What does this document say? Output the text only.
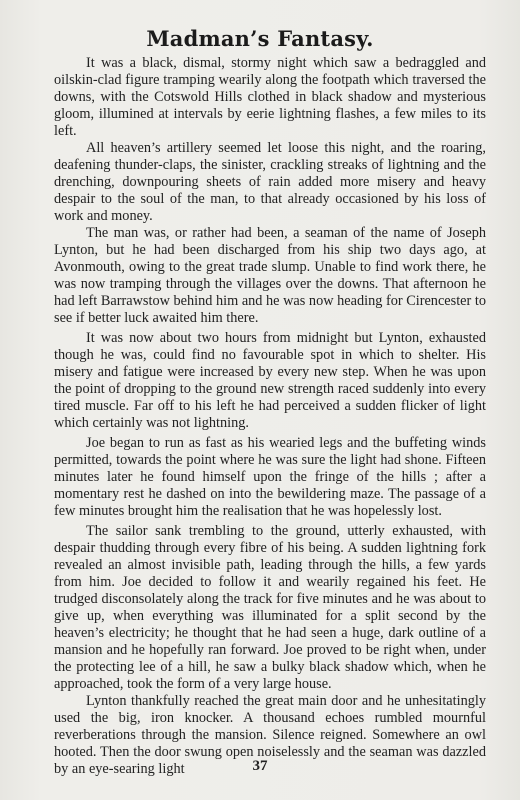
Madman’s Fantasy.

It was a black, dismal, stormy night which saw a bedraggled and oilskin-clad figure tramping wearily along the footpath which traversed the downs, with the Cotswold Hills clothed in black shadow and mysterious gloom, illumined at intervals by eerie lightning flashes, a few miles to its left.

All heaven’s artillery seemed let loose this night, and the roaring, deafening thunder-claps, the sinister, crackling streaks of lightning and the drenching, downpouring sheets of rain added more misery and heavy despair to the soul of the man, to that already occasioned by his loss of work and money.

The man was, or rather had been, a seaman of the name of Joseph Lynton, but he had been discharged from his ship two days ago, at Avonmouth, owing to the great trade slump. Unable to find work there, he was now tramping through the villages over the downs. That afternoon he had left Barrawstow behind him and he was now heading for Cirencester to see if better luck awaited him there.

It was now about two hours from midnight but Lynton, exhausted though he was, could find no favourable spot in which to shelter. His misery and fatigue were increased by every new step. When he was upon the point of dropping to the ground new strength raced suddenly into every tired muscle. Far off to his left he had perceived a sudden flicker of light which certainly was not lightning.

Joe began to run as fast as his wearied legs and the buffeting winds permitted, towards the point where he was sure the light had shone. Fifteen minutes later he found himself upon the fringe of the hills ; after a momentary rest he dashed on into the bewildering maze. The passage of a few minutes brought him the realisation that he was hopelessly lost.

The sailor sank trembling to the ground, utterly exhausted, with despair thudding through every fibre of his being. A sudden lightning fork revealed an almost invisible path, leading through the hills, a few yards from him. Joe decided to follow it and wearily regained his feet. He trudged disconsolately along the track for five minutes and he was about to give up, when everything was illuminated for a split second by the heaven’s electricity; he thought that he had seen a huge, dark outline of a mansion and he hopefully ran forward. Joe proved to be right when, under the protecting lee of a hill, he saw a bulky black shadow which, when he approached, took the form of a very large house.

Lynton thankfully reached the great main door and he unhesitatingly used the big, iron knocker. A thousand echoes rumbled mournful reverberations through the mansion. Silence reigned. Somewhere an owl hooted. Then the door swung open noiselessly and the seaman was dazzled by an eye-searing light	37
